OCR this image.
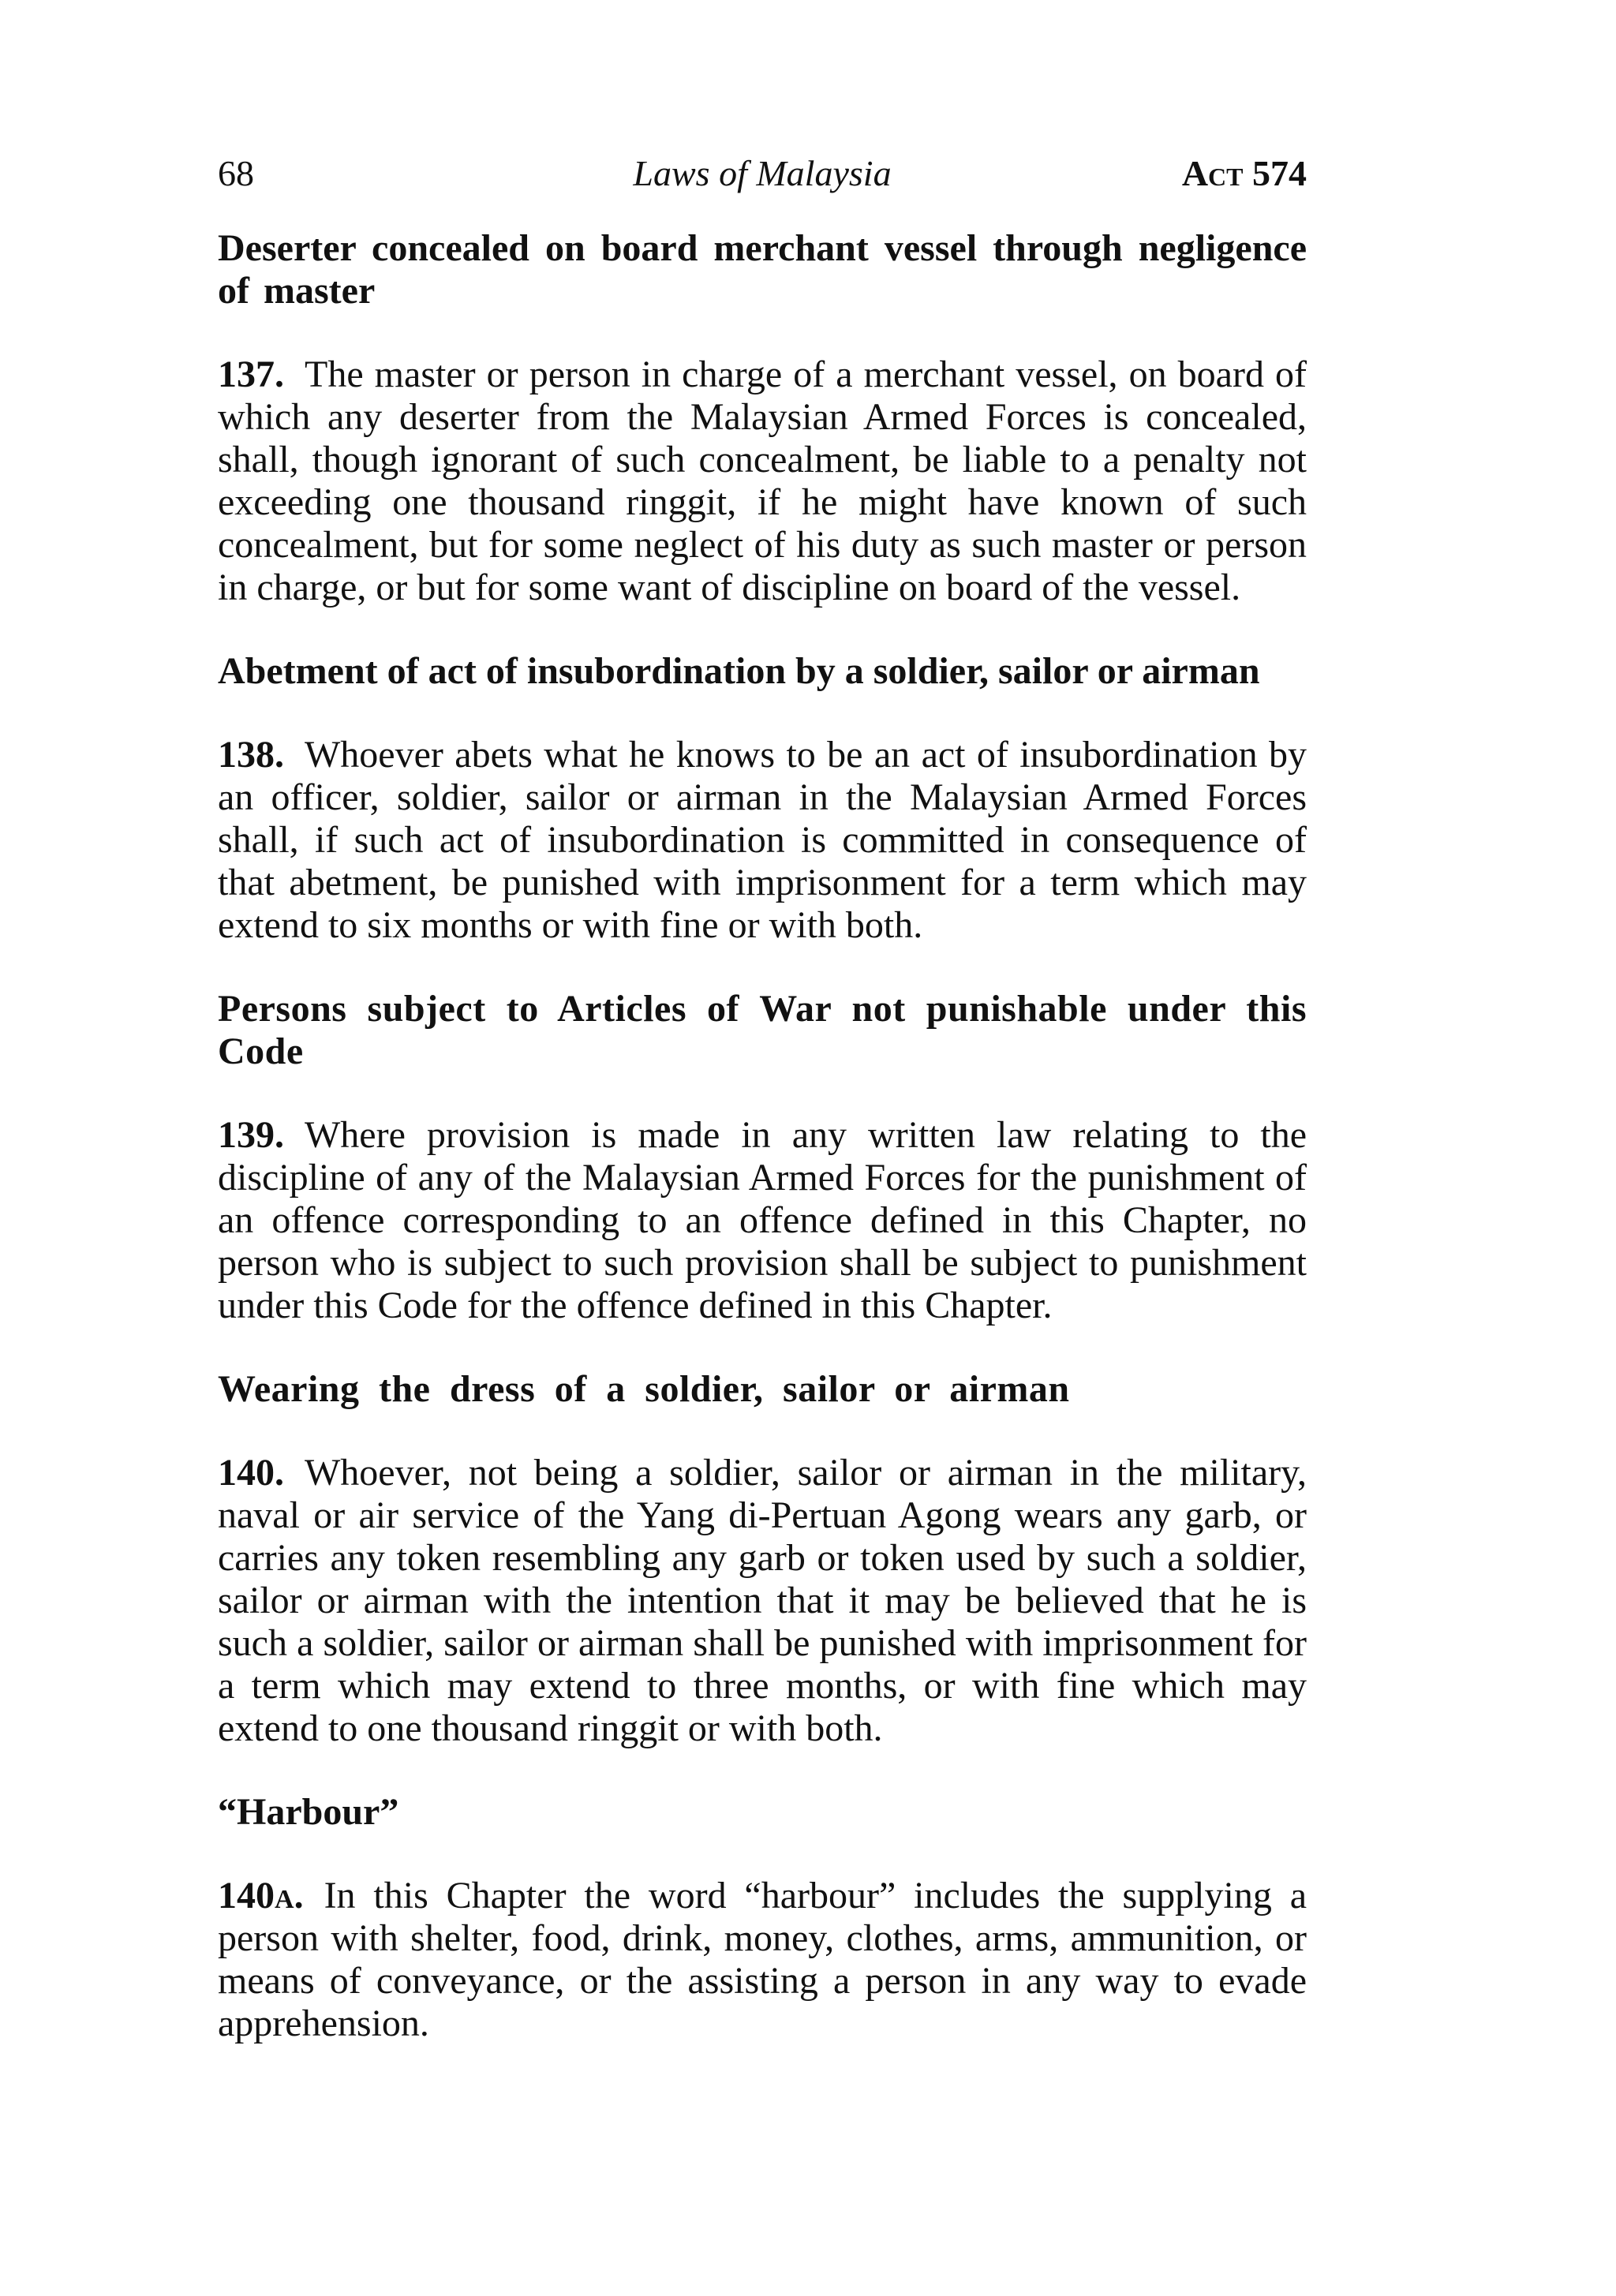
68	Laws of Malaysia	Act 574

Deserter concealed on board merchant vessel through negligence of master

137. The master or person in charge of a merchant vessel, on board of which any deserter from the Malaysian Armed Forces is concealed, shall, though ignorant of such concealment, be liable to a penalty not exceeding one thousand ringgit, if he might have known of such concealment, but for some neglect of his duty as such master or person in charge, or but for some want of discipline on board of the vessel.

Abetment of act of insubordination by a soldier, sailor or airman

138. Whoever abets what he knows to be an act of insubordination by an officer, soldier, sailor or airman in the Malaysian Armed Forces shall, if such act of insubordination is committed in consequence of that abetment, be punished with imprisonment for a term which may extend to six months or with fine or with both.

Persons subject to Articles of War not punishable under this Code

139. Where provision is made in any written law relating to the discipline of any of the Malaysian Armed Forces for the punishment of an offence corresponding to an offence defined in this Chapter, no person who is subject to such provision shall be subject to punishment under this Code for the offence defined in this Chapter.

Wearing the dress of a soldier, sailor or airman

140. Whoever, not being a soldier, sailor or airman in the military, naval or air service of the Yang di-Pertuan Agong wears any garb, or carries any token resembling any garb or token used by such a soldier, sailor or airman with the intention that it may be believed that he is such a soldier, sailor or airman shall be punished with imprisonment for a term which may extend to three months, or with fine which may extend to one thousand ringgit or with both.

“Harbour”

140a. In this Chapter the word “harbour” includes the supplying a person with shelter, food, drink, money, clothes, arms, ammunition, or means of conveyance, or the assisting a person in any way to evade apprehension.
